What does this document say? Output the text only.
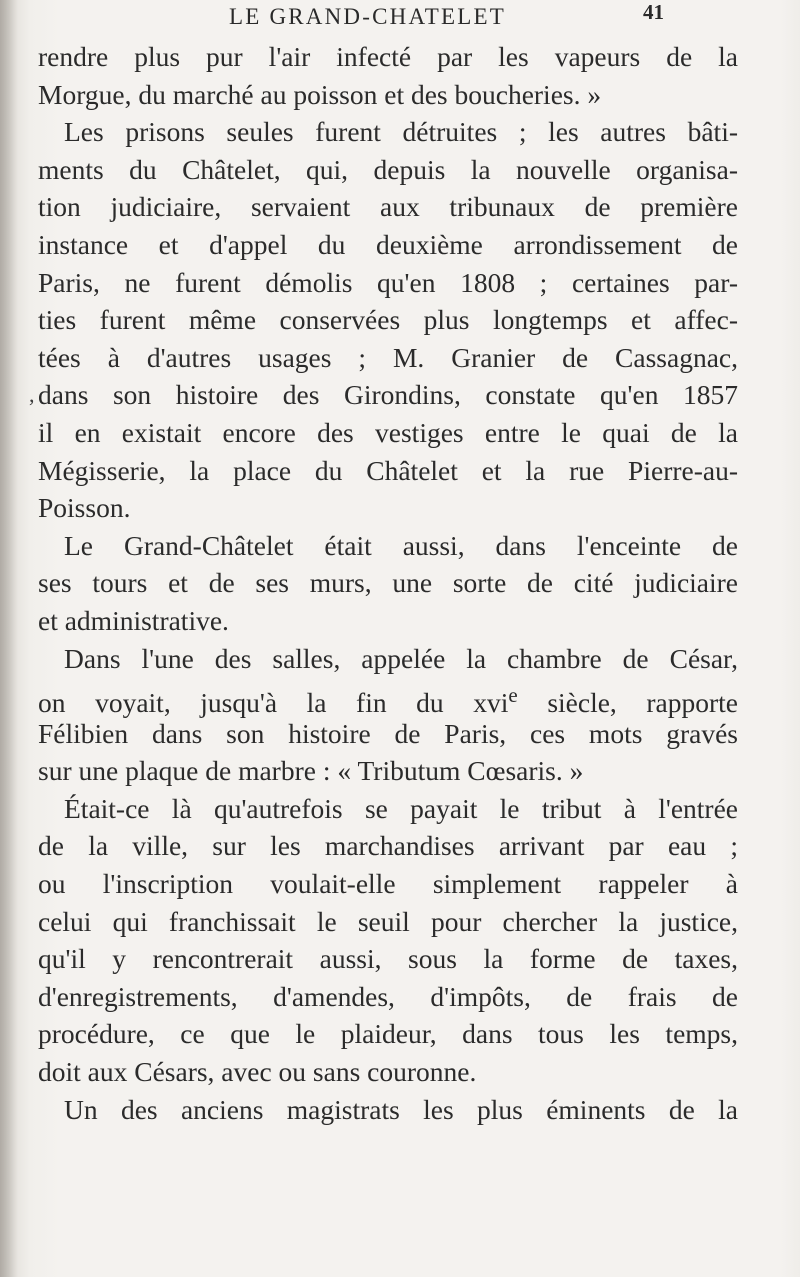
LE GRAND-CHATELET	41
,
rendre plus pur l'air infecté par les vapeurs de la
Morgue, du marché au poisson et des boucheries. »
Les prisons seules furent détruites ; les autres bâti-
ments du Châtelet, qui, depuis la nouvelle organisa-
tion judiciaire, servaient aux tribunaux de première
instance et d'appel du deuxième arrondissement de
Paris, ne furent démolis qu'en 1808 ; certaines par-
ties furent même conservées plus longtemps et affec-
tées à d'autres usages ; M. Granier de Cassagnac,
dans son histoire des Girondins, constate qu'en 1857
il en existait encore des vestiges entre le quai de la
Mégisserie, la place du Châtelet et la rue Pierre-au-
Poisson.
Le Grand-Châtelet était aussi, dans l'enceinte de
ses tours et de ses murs, une sorte de cité judiciaire
et administrative.
Dans l'une des salles, appelée la chambre de César,
on voyait, jusqu'à la fin du xvi$^e$ siècle, rapporte
Félibien dans son histoire de Paris, ces mots gravés
sur une plaque de marbre : « Tributum Cœsaris. »
Était-ce là qu'autrefois se payait le tribut à l'entrée
de la ville, sur les marchandises arrivant par eau ;
ou l'inscription voulait-elle simplement rappeler à
celui qui franchissait le seuil pour chercher la justice,
qu'il y rencontrerait aussi, sous la forme de taxes,
d'enregistrements, d'amendes, d'impôts, de frais de
procédure, ce que le plaideur, dans tous les temps,
doit aux Césars, avec ou sans couronne.
Un des anciens magistrats les plus éminents de la
